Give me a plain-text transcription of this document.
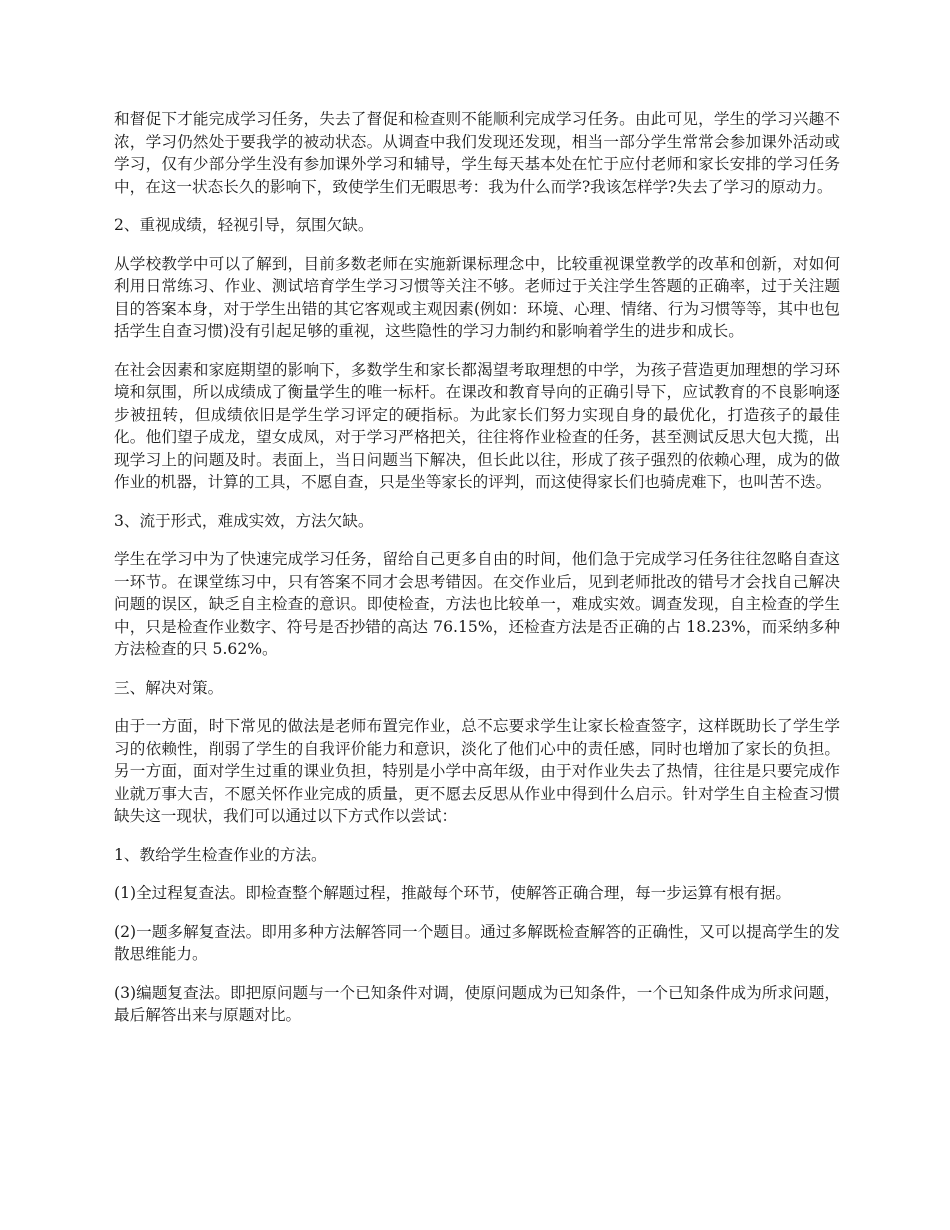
和督促下才能完成学习任务，失去了督促和检查则不能顺利完成学习任务。由此可见，学生的学习兴趣不浓，学习仍然处于要我学的被动状态。从调查中我们发现还发现，相当一部分学生常常会参加课外活动或学习，仅有少部分学生没有参加课外学习和辅导，学生每天基本处在忙于应付老师和家长安排的学习任务中，在这一状态长久的影响下，致使学生们无暇思考：我为什么而学?我该怎样学?失去了学习的原动力。

2、重视成绩，轻视引导，氛围欠缺。

从学校教学中可以了解到，目前多数老师在实施新课标理念中，比较重视课堂教学的改革和创新，对如何利用日常练习、作业、测试培育学生学习习惯等关注不够。老师过于关注学生答题的正确率，过于关注题目的答案本身，对于学生出错的其它客观或主观因素(例如：环境、心理、情绪、行为习惯等等，其中也包括学生自查习惯)没有引起足够的重视，这些隐性的学习力制约和影响着学生的进步和成长。

在社会因素和家庭期望的影响下，多数学生和家长都渴望考取理想的中学，为孩子营造更加理想的学习环境和氛围，所以成绩成了衡量学生的唯一标杆。在课改和教育导向的正确引导下，应试教育的不良影响逐步被扭转，但成绩依旧是学生学习评定的硬指标。为此家长们努力实现自身的最优化，打造孩子的最佳化。他们望子成龙，望女成凤，对于学习严格把关，往往将作业检查的任务，甚至测试反思大包大揽，出现学习上的问题及时。表面上，当日问题当下解决，但长此以往，形成了孩子强烈的依赖心理，成为的做作业的机器，计算的工具，不愿自查，只是坐等家长的评判，而这使得家长们也骑虎难下，也叫苦不迭。

3、流于形式，难成实效，方法欠缺。

学生在学习中为了快速完成学习任务，留给自己更多自由的时间，他们急于完成学习任务往往忽略自查这一环节。在课堂练习中，只有答案不同才会思考错因。在交作业后，见到老师批改的错号才会找自己解决问题的误区，缺乏自主检查的意识。即使检查，方法也比较单一，难成实效。调查发现，自主检查的学生中，只是检查作业数字、符号是否抄错的高达 76.15%，还检查方法是否正确的占 18.23%，而采纳多种方法检查的只 5.62%。

三、解决对策。

由于一方面，时下常见的做法是老师布置完作业，总不忘要求学生让家长检查签字，这样既助长了学生学习的依赖性，削弱了学生的自我评价能力和意识，淡化了他们心中的责任感，同时也增加了家长的负担。另一方面，面对学生过重的课业负担，特别是小学中高年级，由于对作业失去了热情，往往是只要完成作业就万事大吉，不愿关怀作业完成的质量，更不愿去反思从作业中得到什么启示。针对学生自主检查习惯缺失这一现状，我们可以通过以下方式作以尝试：

1、教给学生检查作业的方法。

(1)全过程复查法。即检查整个解题过程，推敲每个环节，使解答正确合理，每一步运算有根有据。

(2)一题多解复查法。即用多种方法解答同一个题目。通过多解既检查解答的正确性，又可以提高学生的发散思维能力。

(3)编题复查法。即把原问题与一个已知条件对调，使原问题成为已知条件，一个已知条件成为所求问题，最后解答出来与原题对比。
